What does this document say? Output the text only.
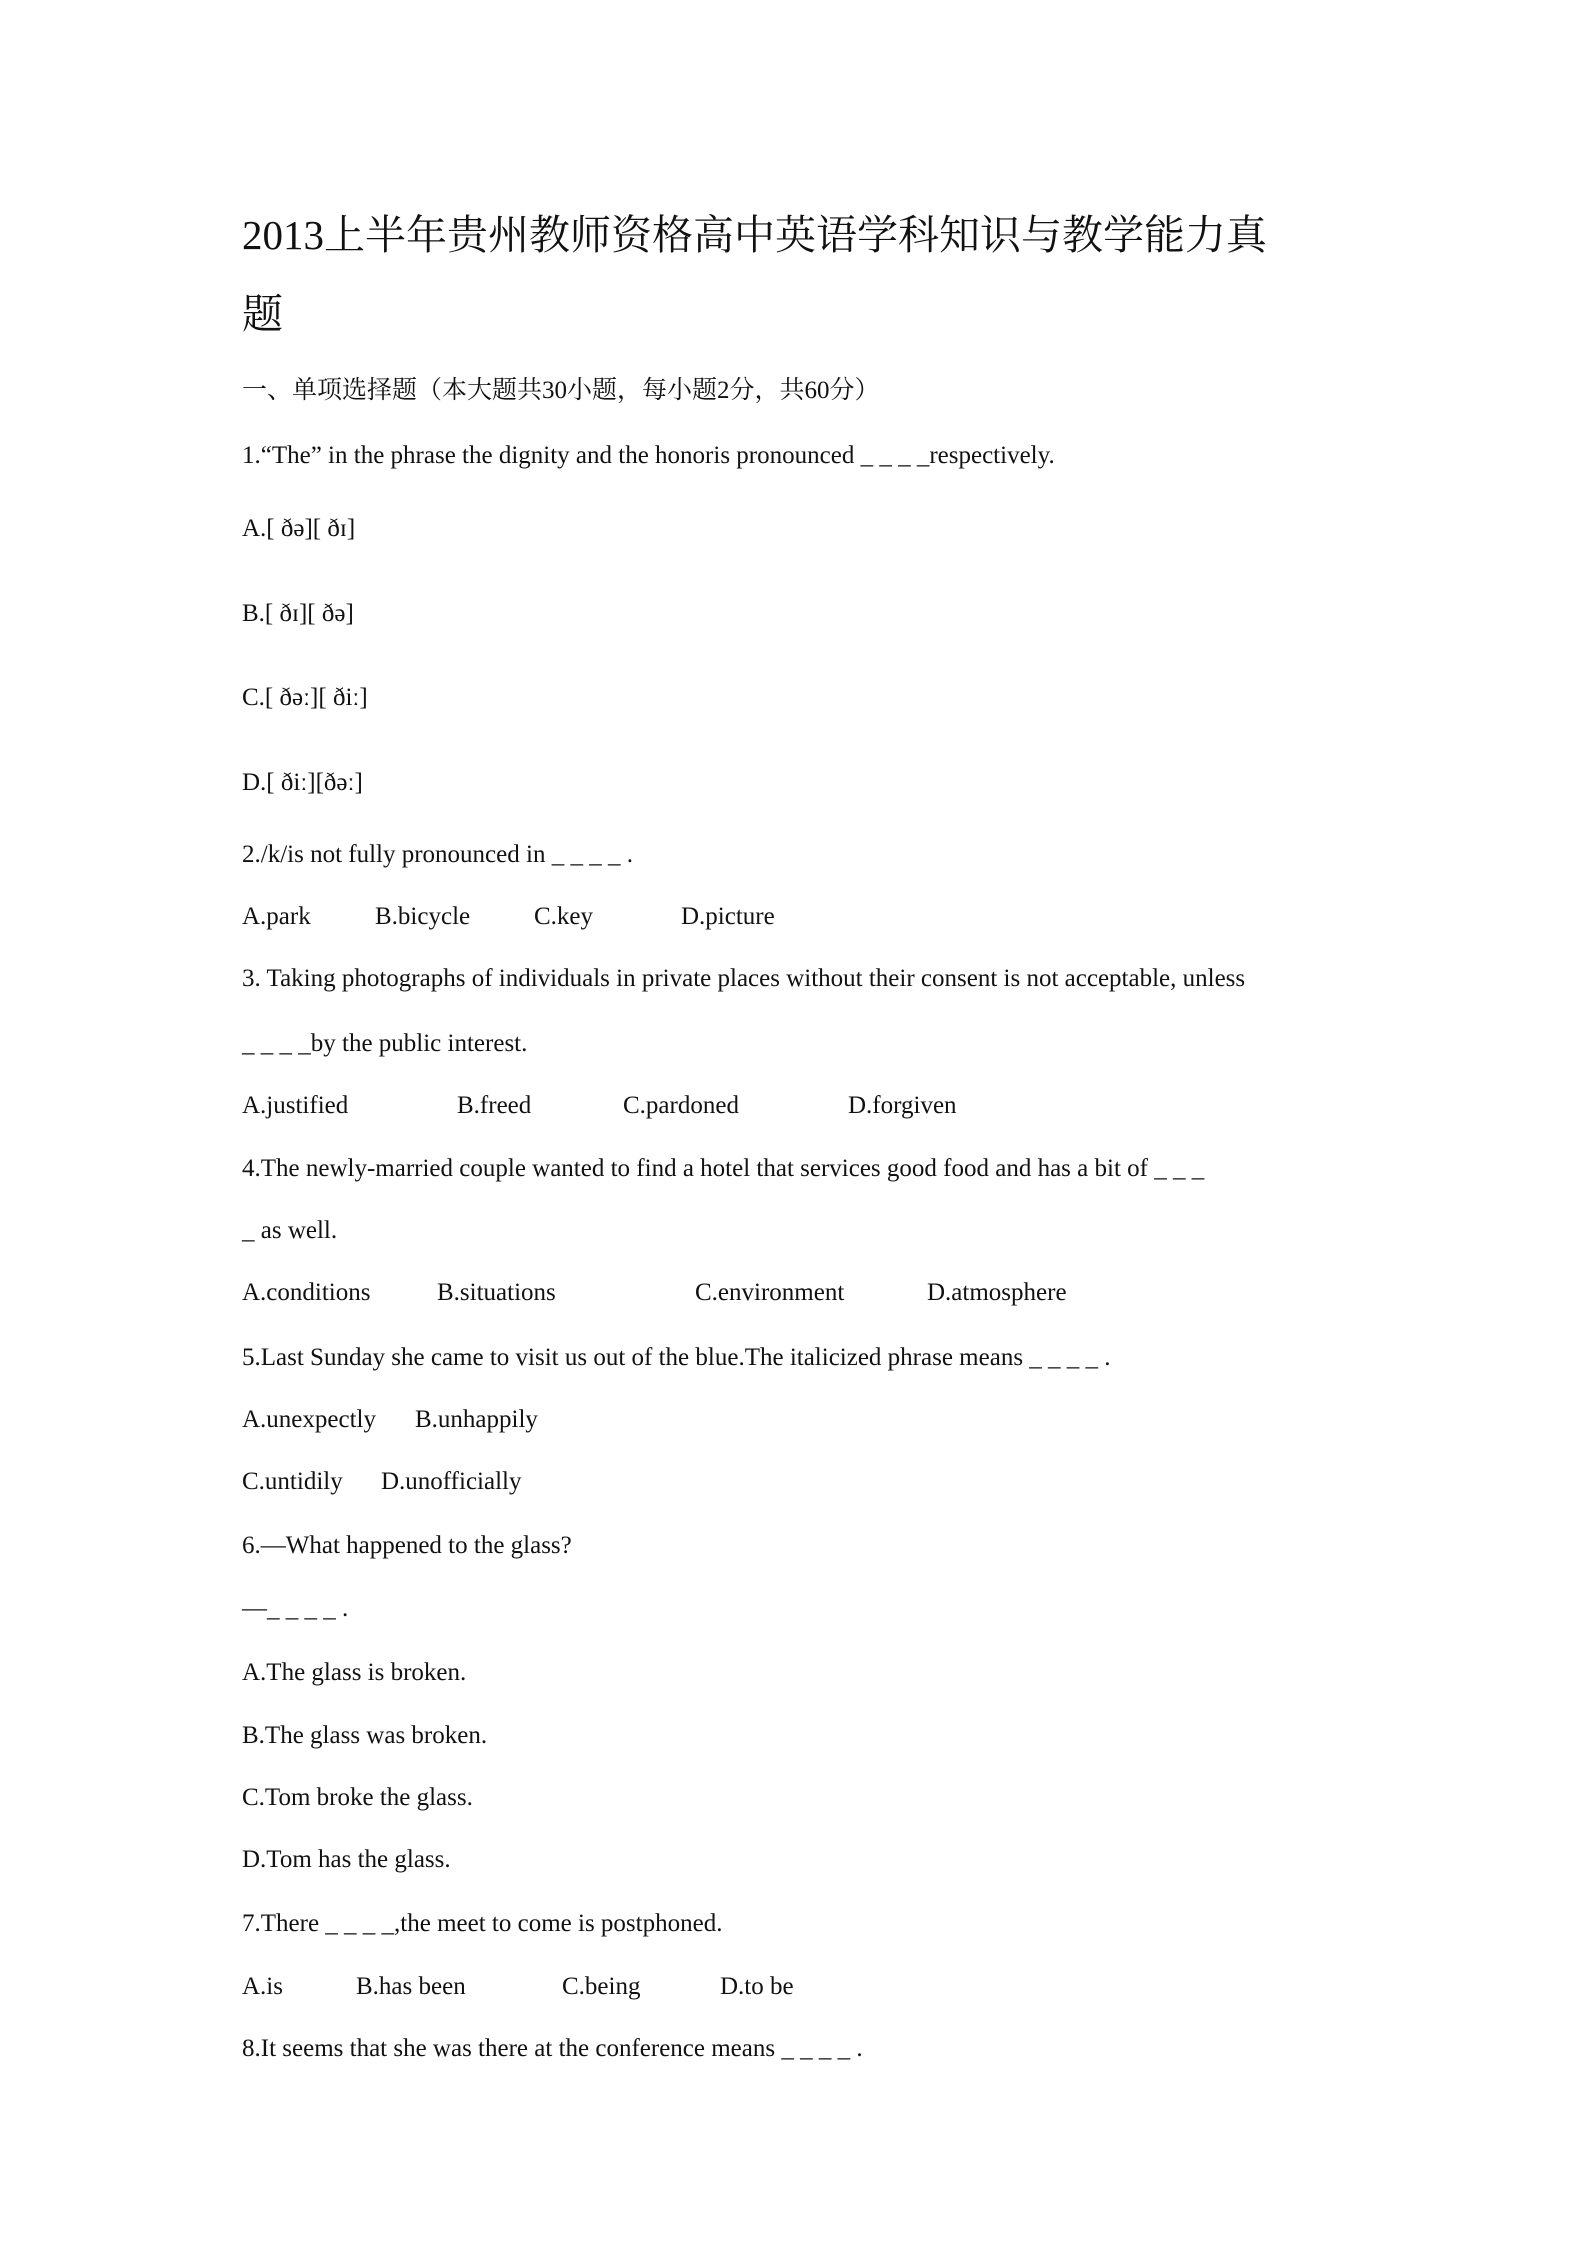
2013上半年贵州教师资格高中英语学科知识与教学能力真
题
一、单项选择题（本大题共30小题，每小题2分，共60分）
1.“The” in the phrase the dignity and the honoris pronounced _ _ _ _respectively.
A.[ ðə][ ðɪ]
B.[ ðɪ][ ðə]
C.[ ðəː][ ðiː]
D.[ ðiː][ðəː]
2./k/is not fully pronounced in _ _ _ _ .
A.park	B.bicycle	C.key	D.picture
3. Taking photographs of individuals in private places without their consent is not acceptable, unless
_ _ _ _by the public interest.
A.justified	B.freed	C.pardoned	D.forgiven
4.The newly-married couple wanted to find a hotel that services good food and has a bit of _ _ _
_ as well.
A.conditions	B.situations	C.environment	D.atmosphere
5.Last Sunday she came to visit us out of the blue.The italicized phrase means _ _ _ _ .
A.unexpectly B.unhappily
C.untidily D.unofficially
6.—What happened to the glass?
—_ _ _ _ .
A.The glass is broken.
B.The glass was broken.
C.Tom broke the glass.
D.Tom has the glass.
7.There _ _ _ _,the meet to come is postphoned.
A.is	B.has been	C.being	D.to be
8.It seems that she was there at the conference means _ _ _ _ .
